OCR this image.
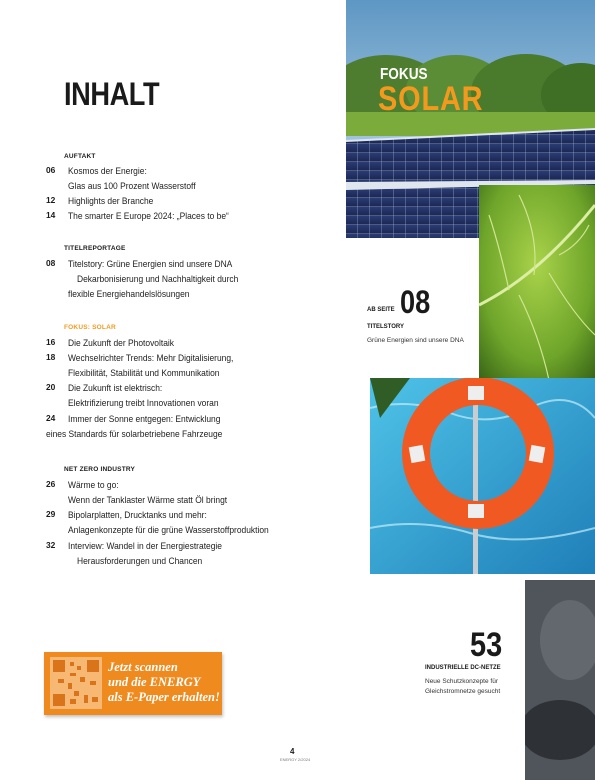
INHALT
AUFTAKT
06	Kosmos der Energie:
Glas aus 100 Prozent Wasserstoff
12	Highlights der Branche
14	The smarter E Europe 2024: „Places to be“
TITELREPORTAGE
08	Titelstory: Grüne Energien sind unsere DNA
Dekarbonisierung und Nachhaltigkeit durch
flexible Energiehandelslösungen
FOKUS: SOLAR
16	Die Zukunft der Photovoltaik
18	Wechselrichter Trends: Mehr Digitalisierung,
Flexibilität, Stabilität und Kommunikation
20	Die Zukunft ist elektrisch:
Elektrifizierung treibt Innovationen voran
24	Immer der Sonne entgegen: Entwicklung
eines Standards für solarbetriebene Fahrzeuge
NET ZERO INDUSTRY
26	Wärme to go:
Wenn der Tanklaster Wärme statt Öl bringt
29	Bipolarplatten, Drucktanks und mehr:
Anlagenkonzepte für die grüne Wasserstoffproduktion
32	Interview: Wandel in der Energiestrategie
Herausforderungen und Chancen
FOKUS
SOLAR
AB SEITE 08
TITELSTORY
Grüne Energien sind unsere DNA
53
INDUSTRIELLE DC-NETZE
Neue Schutzkonzepte für
Gleichstromnetze gesucht
Jetzt scannen
und die ENERGY
als E-Paper erhalten!
4
ENERGY 2/2024
